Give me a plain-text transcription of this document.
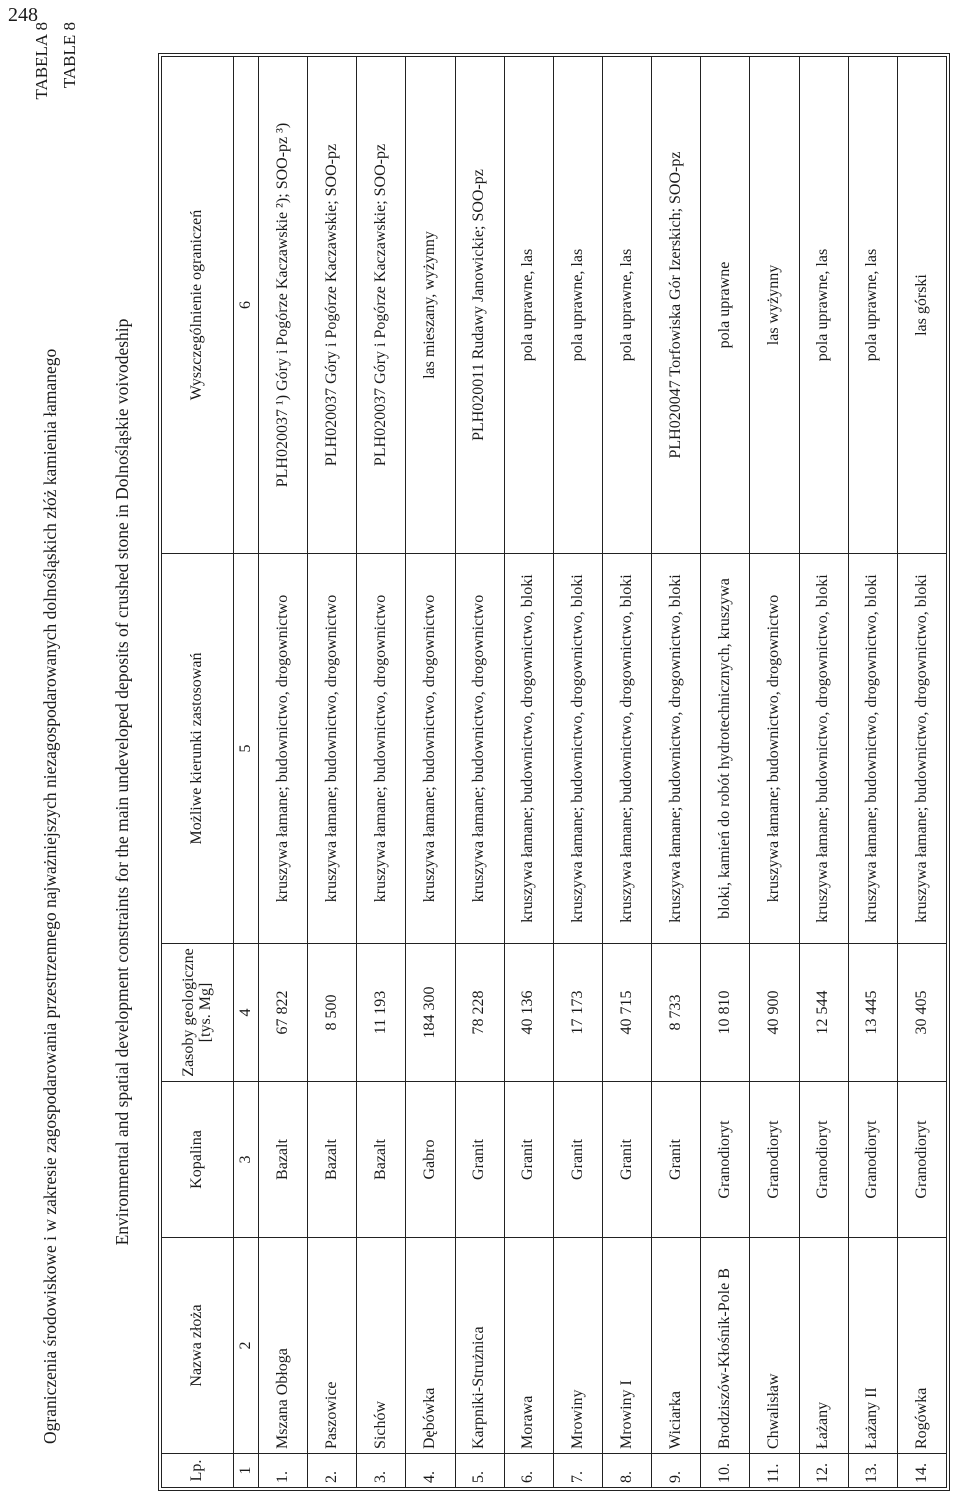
248
TABELA 8 TABLE 8
Ograniczenia środowiskowe i w zakresie zagospodarowania przestrzennego najważniejszych niezagospodarowanych dolnośląskich złóż kamienia łamanego	Environmental and spatial development constraints for the main undeveloped deposits of crushed stone in Dolnośląskie voivodeship
Lp.	Nazwa złoża	Kopalina	Zasoby geologiczne [tys. Mg]	Możliwe kierunki zastosowań	Wyszczególnienie ograniczeń
1	2	3	4	5	6
1.	Mszana Obłoga	Bazalt	67 822	kruszywa łamane; budownictwo, drogownictwo	PLH020037 ¹) Góry i Pogórze Kaczawskie ²); SOO-pz ³)
2.	Paszowice	Bazalt	8 500	kruszywa łamane; budownictwo, drogownictwo	PLH020037 Góry i Pogórze Kaczawskie; SOO-pz
3.	Sichów	Bazalt	11 193	kruszywa łamane; budownictwo, drogownictwo	PLH020037 Góry i Pogórze Kaczawskie; SOO-pz
4.	Dębówka	Gabro	184 300	kruszywa łamane; budownictwo, drogownictwo	las mieszany, wyżynny
5.	Karpniki-Strużnica	Granit	78 228	kruszywa łamane; budownictwo, drogownictwo	PLH020011 Rudawy Janowickie; SOO-pz
6.	Morawa	Granit	40 136	kruszywa łamane; budownictwo, drogownictwo, bloki	pola uprawne, las
7.	Mrowiny	Granit	17 173	kruszywa łamane; budownictwo, drogownictwo, bloki	pola uprawne, las
8.	Mrowiny I	Granit	40 715	kruszywa łamane; budownictwo, drogownictwo, bloki	pola uprawne, las
9.	Wiciarka	Granit	8 733	kruszywa łamane; budownictwo, drogownictwo, bloki	PLH020047 Torfowiska Gór Izerskich; SOO-pz
10.	Brodziszów-Kłośnik-Pole B	Granodioryt	10 810	bloki, kamień do robót hydrotechnicznych, kruszywa	pola uprawne
11.	Chwalisław	Granodioryt	40 900	kruszywa łamane; budownictwo, drogownictwo	las wyżynny
12.	Łażany	Granodioryt	12 544	kruszywa łamane; budownictwo, drogownictwo, bloki	pola uprawne, las
13.	Łażany II	Granodioryt	13 445	kruszywa łamane; budownictwo, drogownictwo, bloki	pola uprawne, las
14.	Rogówka	Granodioryt	30 405	kruszywa łamane; budownictwo, drogownictwo, bloki	las górski
